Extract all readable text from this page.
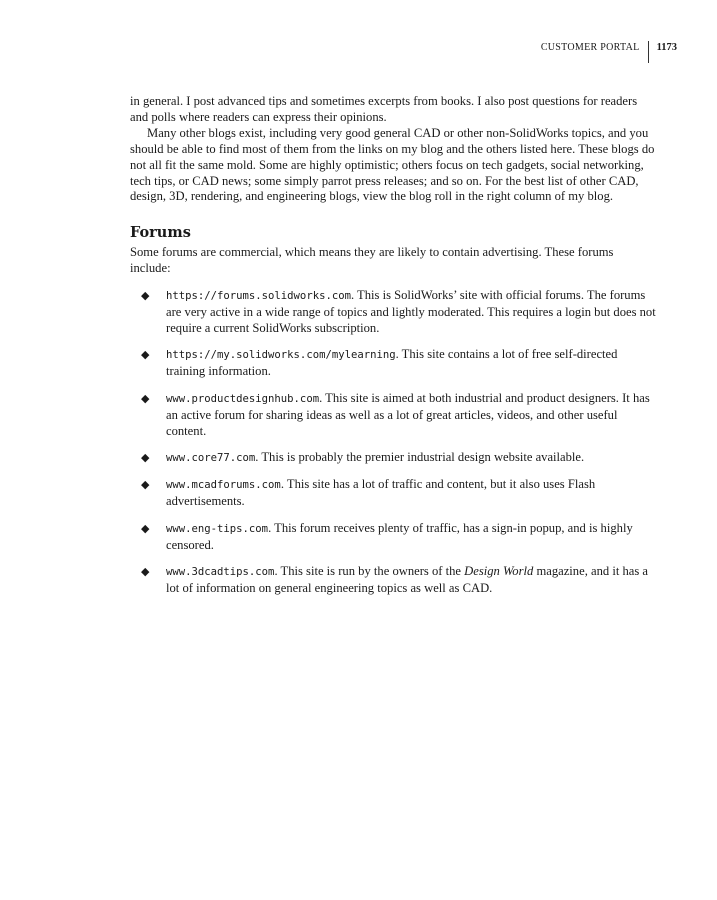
CUSTOMER PORTAL	1173

in general. I post advanced tips and sometimes excerpts from books. I also post questions for readers and polls where readers can express their opinions.

Many other blogs exist, including very good general CAD or other non-SolidWorks topics, and you should be able to find most of them from the links on my blog and the others listed here. These blogs do not all fit the same mold. Some are highly optimistic; others focus on tech gadgets, social networking, tech tips, or CAD news; some simply parrot press releases; and so on. For the best list of other CAD, design, 3D, rendering, and engineering blogs, view the blog roll in the right column of my blog.

Forums

Some forums are commercial, which means they are likely to contain advertising. These forums include:

◆ https://forums.solidworks.com. This is SolidWorks’ site with official forums. The forums are very active in a wide range of topics and lightly moderated. This requires a login but does not require a current SolidWorks subscription.
◆ https://my.solidworks.com/mylearning. This site contains a lot of free self-directed training information.
◆ www.productdesignhub.com. This site is aimed at both industrial and product designers. It has an active forum for sharing ideas as well as a lot of great articles, videos, and other useful content.
◆ www.core77.com. This is probably the premier industrial design website available.
◆ www.mcadforums.com. This site has a lot of traffic and content, but it also uses Flash advertisements.
◆ www.eng-tips.com. This forum receives plenty of traffic, has a sign-in popup, and is highly censored.
◆ www.3dcadtips.com. This site is run by the owners of the Design World magazine, and it has a lot of information on general engineering topics as well as CAD.
